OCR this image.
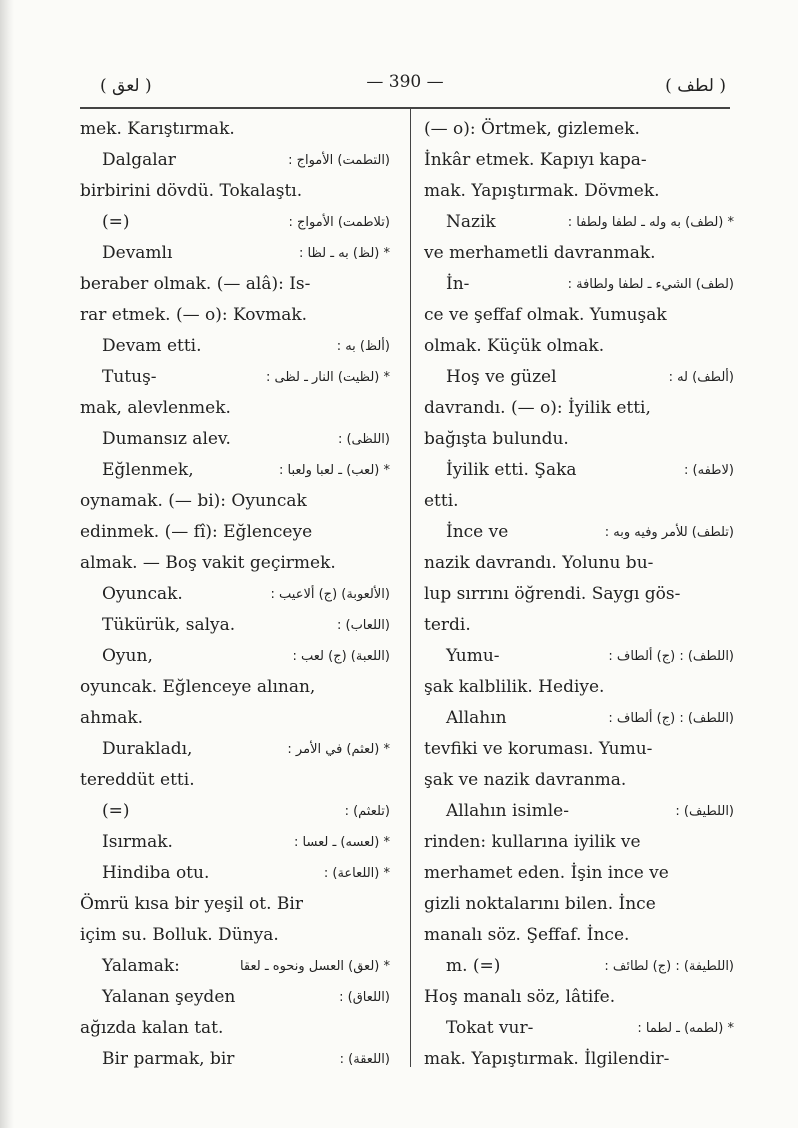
( لعق )	— 390 —	( لطف )
mek. Karıştırmak.
Dalgalar	(التطمت) الأمواج :
birbirini dövdü. Tokalaştı.
(=)	(تلاطمت) الأمواج :
Devamlı	* (لظ) به ـ لظا :
beraber olmak. (— alâ): Is-
rar etmek. (— o): Kovmak.
Devam etti.	(ألظ) به :
Tutuş-	* (لظيت) النار ـ لظى :
mak, alevlenmek.
Dumansız alev.	(اللظى) :
Eğlenmek,	* (لعب) ـ لعبا ولعبا :
oynamak. (— bi): Oyuncak
edinmek. (— fî): Eğlenceye
almak. — Boş vakit geçirmek.
Oyuncak.	(الألعوبة) (ج) ألاعيب :
Tükürük, salya.	(اللعاب) :
Oyun,	(اللعبة) (ج) لعب :
oyuncak. Eğlenceye alınan,
ahmak.
Durakladı,	* (لعثم) في الأمر :
tereddüt etti.
(=)	(تلعثم) :
Isırmak.	* (لعسه) ـ لعسا :
Hindiba otu.	* (اللعاعة) :
Ömrü kısa bir yeşil ot. Bir
içim su. Bolluk. Dünya.
Yalamak:	* (لعق) العسل ونحوه ـ لعقا
Yalanan şeyden	(اللعاق) :
ağızda kalan tat.
Bir parmak, bir	(اللعقة) :
(— o): Örtmek, gizlemek.
İnkâr etmek. Kapıyı kapa-
mak. Yapıştırmak. Dövmek.
Nazik	* (لطف) به وله ـ لطفا ولطفا :
ve merhametli davranmak.
İn-	(لطف) الشيء ـ لطفا ولطافة :
ce ve şeffaf olmak. Yumuşak
olmak. Küçük olmak.
Hoş ve güzel	(ألطف) له :
davrandı. (— o): İyilik etti,
bağışta bulundu.
İyilik etti. Şaka	(لاطفه) :
etti.
İnce ve	(تلطف) للأمر وفيه وبه :
nazik davrandı. Yolunu bu-
lup sırrını öğrendi. Saygı gös-
terdi.
Yumu-	(اللطف) : (ج) ألطاف :
şak kalblilik. Hediye.
Allahın	(اللطف) : (ج) ألطاف :
tevfiki ve koruması. Yumu-
şak ve nazik davranma.
Allahın isimle-	(اللطيف) :
rinden: kullarına iyilik ve
merhamet eden. İşin ince ve
gizli noktalarını bilen. İnce
manalı söz. Şeffaf. İnce.
m. (=)	(اللطيفة) : (ج) لطائف :
Hoş manalı söz, lâtife.
Tokat vur-	* (لطمه) ـ لطما :
mak. Yapıştırmak. İlgilendir-
